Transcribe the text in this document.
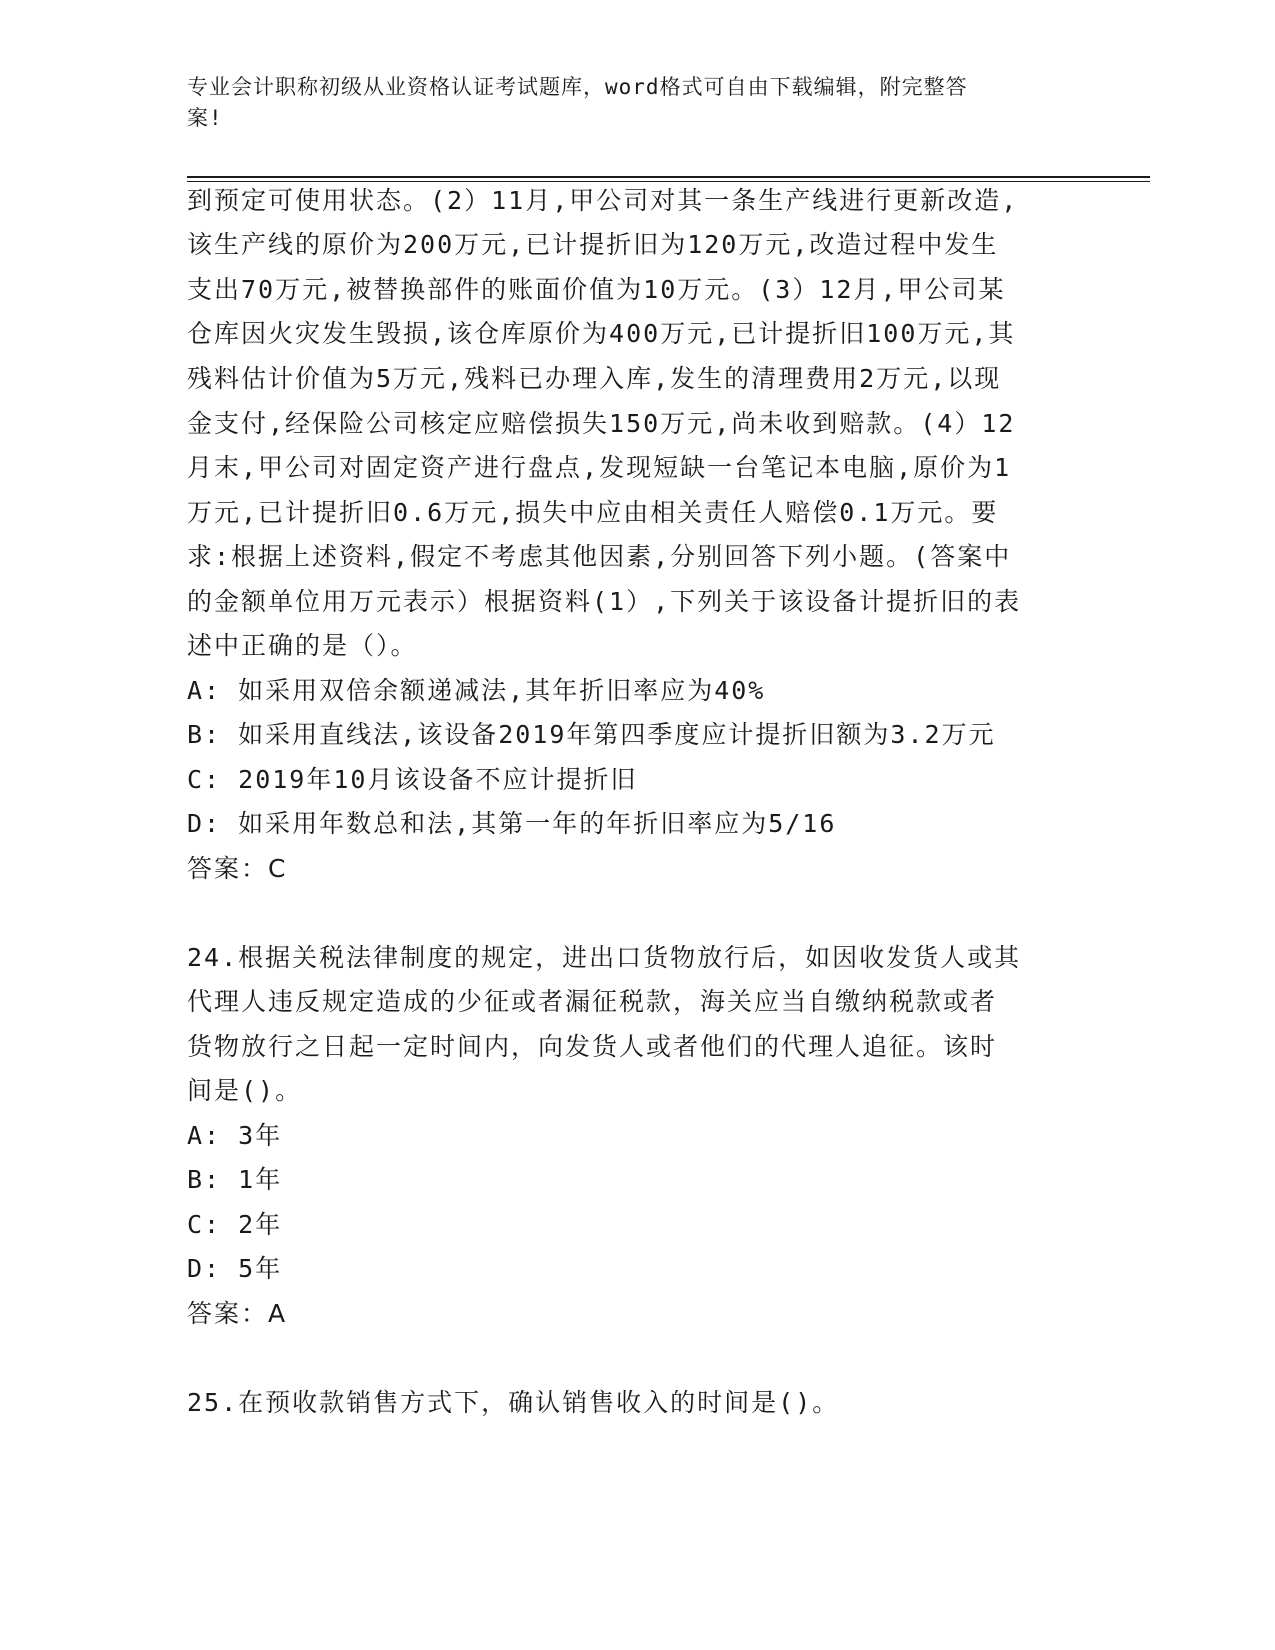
专业会计职称初级从业资格认证考试题库，word格式可自由下载编辑，附完整答
案!
到预定可使用状态。(2）11月,甲公司对其一条生产线进行更新改造,
该生产线的原价为200万元,已计提折旧为120万元,改造过程中发生
支出70万元,被替换部件的账面价值为10万元。(3）12月,甲公司某
仓库因火灾发生毁损,该仓库原价为400万元,已计提折旧100万元,其
残料估计价值为5万元,残料已办理入库,发生的清理费用2万元,以现
金支付,经保险公司核定应赔偿损失150万元,尚未收到赔款。(4）12
月末,甲公司对固定资产进行盘点,发现短缺一台笔记本电脑,原价为1
万元,已计提折旧0.6万元,损失中应由相关责任人赔偿0.1万元。要
求:根据上述资料,假定不考虑其他因素,分别回答下列小题。(答案中
的金额单位用万元表示）根据资料(1）,下列关于该设备计提折旧的表
述中正确的是（）。
A: 如采用双倍余额递减法,其年折旧率应为40%
B: 如采用直线法,该设备2019年第四季度应计提折旧额为3.2万元
C: 2019年10月该设备不应计提折旧
D: 如采用年数总和法,其第一年的年折旧率应为5/16
答案：C
24.根据关税法律制度的规定，进出口货物放行后，如因收发货人或其
代理人违反规定造成的少征或者漏征税款，海关应当自缴纳税款或者
货物放行之日起一定时间内，向发货人或者他们的代理人追征。该时
间是()。
A: 3年
B: 1年
C: 2年
D: 5年
答案：A
25.在预收款销售方式下，确认销售收入的时间是()。
